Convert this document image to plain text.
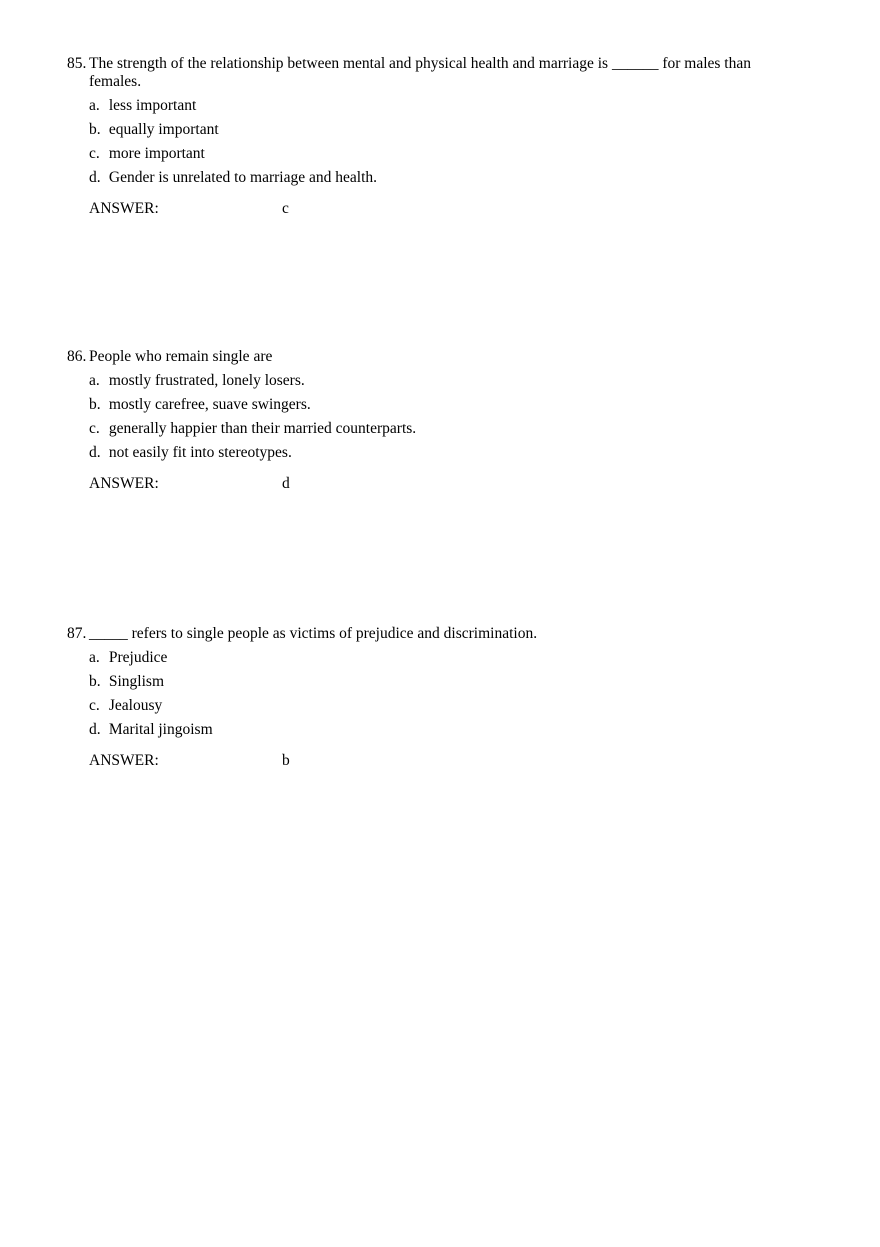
85. The strength of the relationship between mental and physical health and marriage is ______ for males than females.
a. less important
b. equally important
c. more important
d. Gender is unrelated to marriage and health.
ANSWER:	c
86. People who remain single are
a. mostly frustrated, lonely losers.
b. mostly carefree, suave swingers.
c. generally happier than their married counterparts.
d. not easily fit into stereotypes.
ANSWER:	d
87. _____ refers to single people as victims of prejudice and discrimination.
a. Prejudice
b. Singlism
c. Jealousy
d. Marital jingoism
ANSWER:	b
